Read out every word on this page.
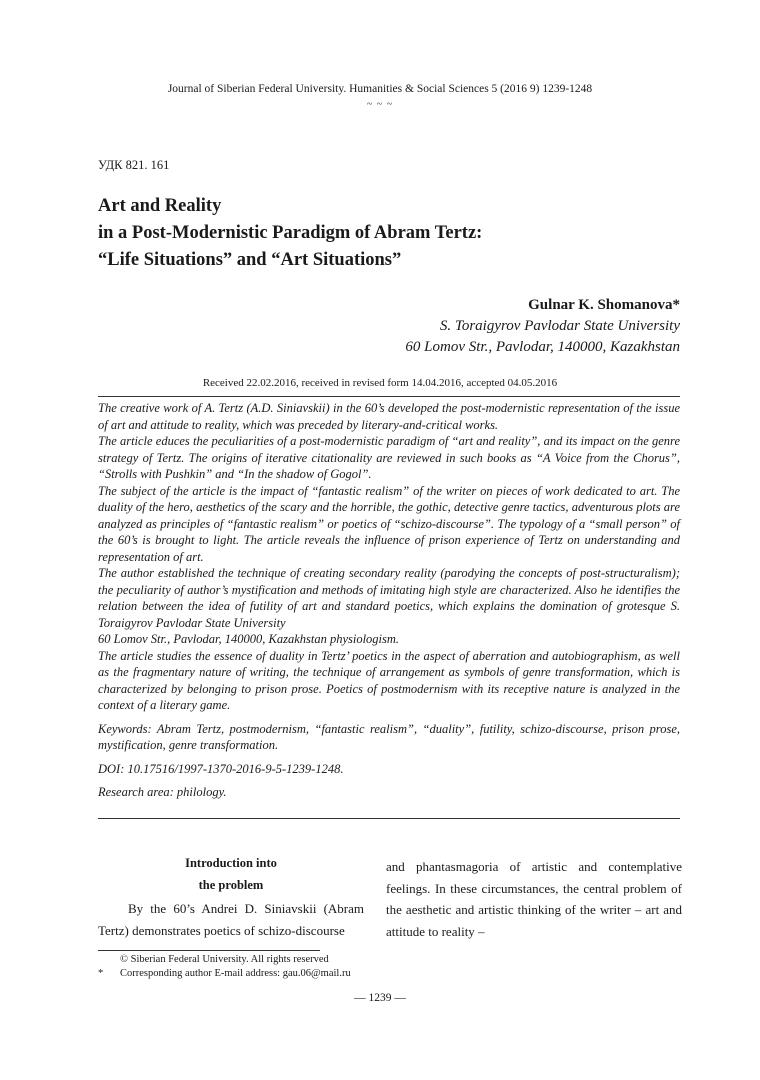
Journal of Siberian Federal University. Humanities & Social Sciences 5 (2016 9) 1239-1248
~ ~ ~
УДК 821. 161
Art and Reality
in a Post-Modernistic Paradigm of Abram Tertz:
“Life Situations” and “Art Situations”
Gulnar K. Shomanova*
S. Toraigyrov Pavlodar State University
60 Lomov Str., Pavlodar, 140000, Kazakhstan
Received 22.02.2016, received in revised form 14.04.2016, accepted 04.05.2016

The creative work of A. Tertz (A.D. Siniavskii) in the 60’s developed the post-modernistic representation of the issue of art and attitude to reality, which was preceded by literary-and-critical works.

The article educes the peculiarities of a post-modernistic paradigm of “art and reality”, and its impact on the genre strategy of Tertz. The origins of iterative citationality are reviewed in such books as “A Voice from the Chorus”, “Strolls with Pushkin” and “In the shadow of Gogol”.

The subject of the article is the impact of “fantastic realism” of the writer on pieces of work dedicated to art. The duality of the hero, aesthetics of the scary and the horrible, the gothic, detective genre tactics, adventurous plots are analyzed as principles of “fantastic realism” or poetics of “schizo-discourse”. The typology of a “small person” of the 60’s is brought to light. The article reveals the influence of prison experience of Tertz on understanding and representation of art.

The author established the technique of creating secondary reality (parodying the concepts of post-structuralism); the peculiarity of author’s mystification and methods of imitating high style are characterized. Also he identifies the relation between the idea of futility of art and standard poetics, which explains the domination of grotesque S. Toraigyrov Pavlodar State University

60 Lomov Str., Pavlodar, 140000, Kazakhstan physiologism.

The article studies the essence of duality in Tertz’ poetics in the aspect of aberration and autobiographism, as well as the fragmentary nature of writing, the technique of arrangement as symbols of genre transformation, which is characterized by belonging to prison prose. Poetics of postmodernism with its receptive nature is analyzed in the context of a literary game.

Keywords: Abram Tertz, postmodernism, “fantastic realism”, “duality”, futility, schizo-discourse, prison prose, mystification, genre transformation.

DOI: 10.17516/1997-1370-2016-9-5-1239-1248.

Research area: philology.

Introduction into
the problem
By the 60’s Andrei D. Siniavskii (Abram Tertz) demonstrates poetics of schizo-discourse
and phantasmagoria of artistic and contemplative feelings. In these circumstances, the central problem of the aesthetic and artistic thinking of the writer – art and attitude to reality –
© Siberian Federal University. All rights reserved
* Corresponding author E-mail address: gau.06@mail.ru
— 1239 —
